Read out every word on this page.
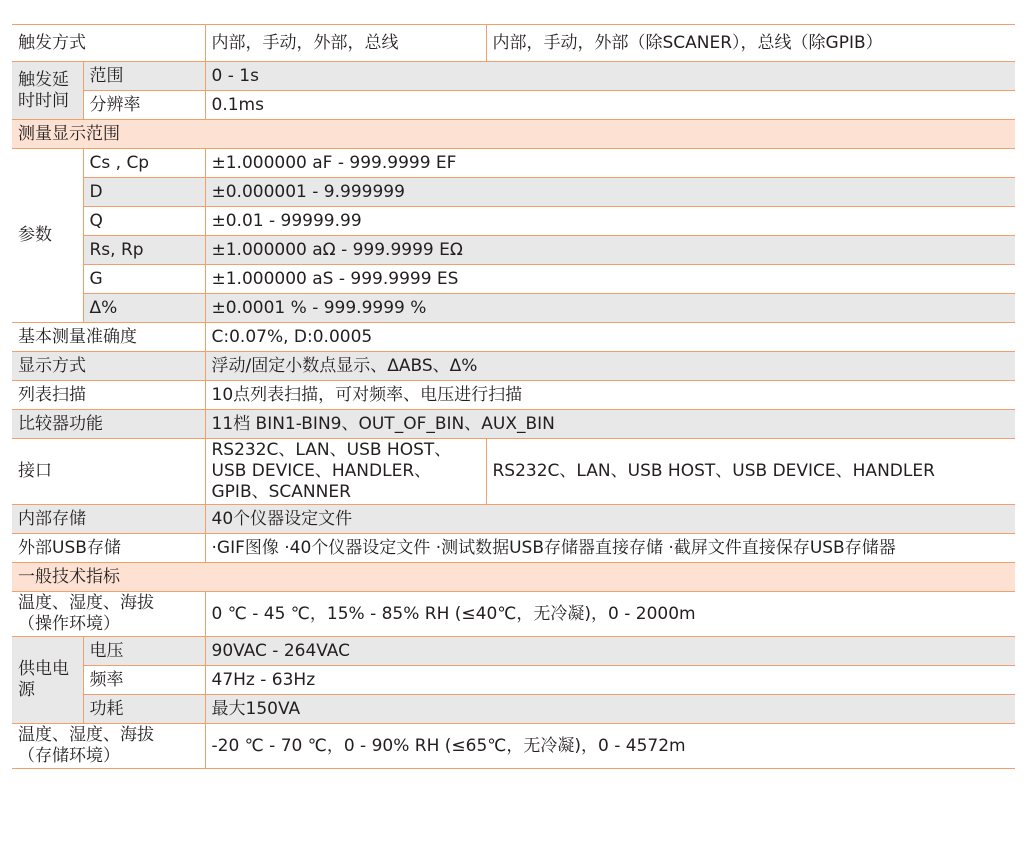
触发方式		内部，手动，外部，总线	内部，手动，外部（除SCANER），总线（除GPIB）
触发延时时间	范围	0 - 1s	
	分辨率	0.1ms	
测量显示范围			
参数	Cs , Cp	±1.000000 aF - 999.9999 EF	
	D	±0.000001 - 9.999999	
	Q	±0.01 - 99999.99	
	Rs, Rp	±1.000000 aΩ - 999.9999 EΩ	
	G	±1.000000 aS - 999.9999 ES	
	Δ%	±0.0001 % - 999.9999 %	
基本测量准确度		C:0.07%, D:0.0005	
显示方式		浮动/固定小数点显示、ΔABS、Δ%	
列表扫描		10点列表扫描，可对频率、电压进行扫描	
比较器功能		11档 BIN1-BIN9、OUT_OF_BIN、AUX_BIN	
接口		RS232C、LAN、USB HOST、
USB DEVICE、HANDLER、
GPIB、SCANNER	RS232C、LAN、USB HOST、USB DEVICE、HANDLER
内部存储		40个仪器设定文件	
外部USB存储		·GIF图像 ·40个仪器设定文件 ·测试数据USB存储器直接存储 ·截屏文件直接保存USB存储器	
一般技术指标			

温度、湿度、海拔
（操作环境）		0 ℃ - 45 ℃，15% - 85% RH (≤40℃，无冷凝)，0 - 2000m	
供电电源	电压	90VAC - 264VAC	
	频率	47Hz - 63Hz	
	功耗	最大150VA	

温度、湿度、海拔
（存储环境）		-20 ℃ - 70 ℃，0 - 90% RH (≤65℃，无冷凝)，0 - 4572m	
